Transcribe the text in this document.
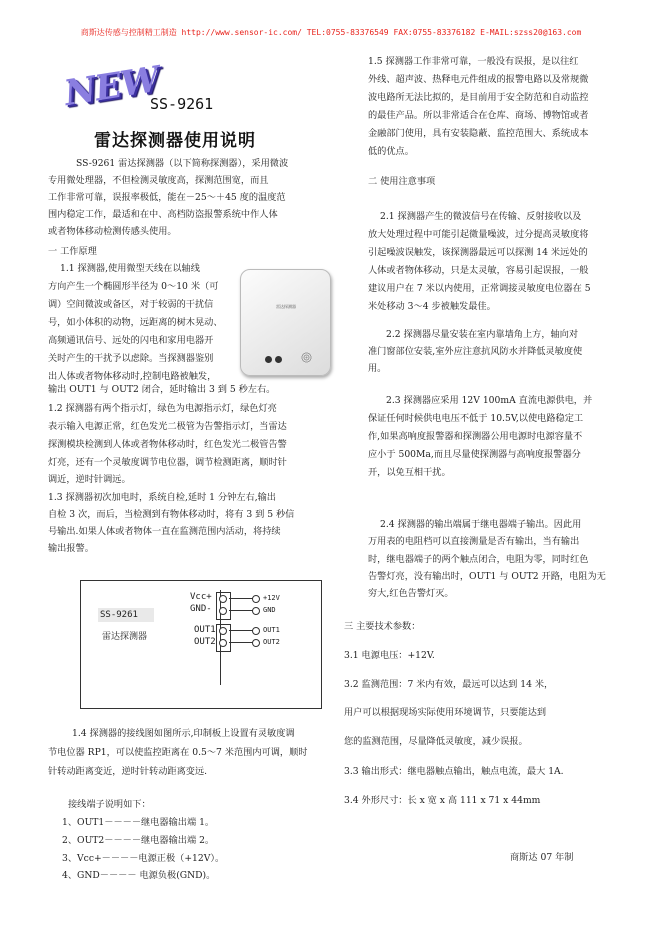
商斯达传感与控制精工制造 http://www.sensor-ic.com/ TEL:0755-83376549 FAX:0755-83376182 E-MAIL:szss20@163.com
NEW
SS-9261
雷达探测器使用说明
SS-9261 雷达探测器（以下简称探测器），采用微波
专用微处理器，不但检测灵敏度高，探测范围宽，而且
工作非常可靠，误报率极低，能在－25～＋45 度的温度范
围内稳定工作，最适和在中、高档防盗报警系统中作人体
或者物体移动检测传感头使用。
一 工作原理
1.1 探测器,使用微型天线在以轴线
方向产生一个椭圆形半径为 0～10 米（可
调）空间微波或备区，对于较弱的干扰信
号，如小体积的动物，远距离的树木晃动、
高频通讯信号、远处的闪电和家用电器开
关时产生的干扰予以虑除。当探测器鉴别
出人体或者物体移动时,控制电路被触发，
输出 OUT1 与 OUT2 闭合，延时输出 3 到 5 秒左右。
雷达探测器
1.2 探测器有两个指示灯，绿色为电源指示灯，绿色灯亮
表示输入电源正常，红色发光二极管为告警指示灯，当雷达
探测模块检测到人体或者物体移动时，红色发光二极管告警
灯亮，还有一个灵敏度调节电位器，调节检测距离，顺时针
调近，逆时针调远。
1.3 探测器初次加电时，系统自检,延时 1 分钟左右,输出
自检 3 次，而后，当检测到有物体移动时，将有 3 到 5 秒信
号输出.如果人体或者物体一直在监测范围内活动，将持续
输出报警。
SS-9261
雷达探测器
Vcc+
GND-
OUT1
OUT2
+12V
GND
OUT1
OUT2
1.4 探测器的接线图如图所示,印制板上设置有灵敏度调
节电位器 RP1，可以使监控距离在 0.5～7 米范围内可调，顺时
针转动距离变近，逆时针转动距离变远.
接线端子说明如下：
1、OUT1－－－－继电器输出端 1。
2、OUT2－－－－继电器输出端 2。
3、Vcc+－－－－电源正极（+12V）。
4、GND－－－－ 电源负极(GND)。
1.5 探测器工作非常可靠，一般没有误报，是以往红
外线、超声波、热释电元件组成的报警电路以及常规微
波电路所无法比拟的，是目前用于安全防范和自动监控
的最佳产品。所以非常适合在仓库、商场、博物馆或者
金融部门使用，具有安装隐蔽、监控范围大、系统成本
低的优点。
二 使用注意事项
2.1 探测器产生的微波信号在传输、反射接收以及
放大处理过程中可能引起微量噪波，过分提高灵敏度将
引起噪波误触发，该探测器最远可以探测 14 米远处的
人体或者物体移动，只是太灵敏，容易引起误报，一般
建议用户在 7 米以内使用，正常调接灵敏度电位器在 5
米处移动 3～4 步被触发最佳。
2.2 探测器尽量安装在室内靠墙角上方，轴向对
准门窗部位安装,室外应注意抗风防水并降低灵敏度使
用。
2.3 探测器应采用 12V 100mA 直流电源供电，并
保证任何时候供电电压不低于 10.5V,以使电路稳定工
作,如果高响度报警器和探测器公用电源时电源容量不
应小于 500Ma,而且尽量使探测器与高响度报警器分
开，以免互相干扰。
2.4 探测器的输出端属于继电器端子输出。因此用
万用表的电阻档可以直接测量是否有输出，当有输出
时，继电器端子的两个触点闭合，电阻为零，同时红色
告警灯亮，没有输出时，OUT1 与 OUT2 开路，电阻为无
穷大,红色告警灯灭。
三 主要技术参数：
3.1 电源电压：+12V.
3.2 监测范围：7 米内有效，最远可以达到 14 米，
用户可以根据现场实际使用环境调节，只要能达到
您的监测范围，尽量降低灵敏度，减少误报。
3.3 输出形式：继电器触点输出，触点电流，最大 1A.
3.4 外形尺寸：长 x 宽 x 高 111 x 71 x 44mm
商斯达 07 年制
